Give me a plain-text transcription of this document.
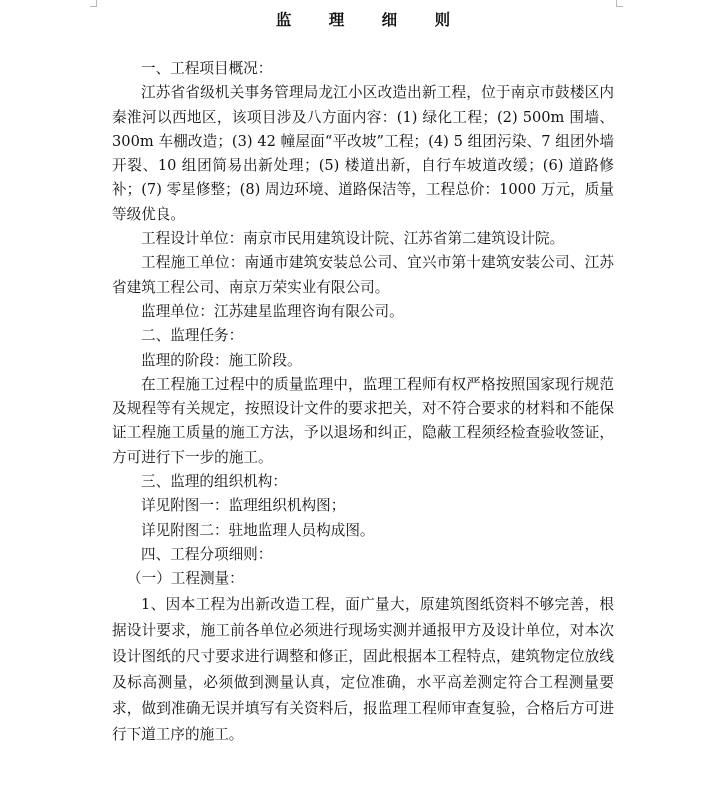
监 理 细 则

一、工程项目概况：

江苏省省级机关事务管理局龙江小区改造出新工程，位于南京市鼓楼区内秦淮河以西地区，该项目涉及八方面内容：(1) 绿化工程；(2) 500m 围墙、300m 车棚改造；(3) 42 幢屋面“平改坡”工程；(4) 5 组团污染、7 组团外墙开裂、10 组团简易出新处理；(5) 楼道出新，自行车坡道改缓；(6) 道路修补；(7) 零星修整；(8) 周边环境、道路保洁等，工程总价：1000 万元，质量等级优良。

工程设计单位：南京市民用建筑设计院、江苏省第二建筑设计院。

工程施工单位：南通市建筑安装总公司、宜兴市第十建筑安装公司、江苏省建筑工程公司、南京万荣实业有限公司。

监理单位：江苏建星监理咨询有限公司。

二、监理任务：

监理的阶段：施工阶段。

在工程施工过程中的质量监理中，监理工程师有权严格按照国家现行规范及规程等有关规定，按照设计文件的要求把关，对不符合要求的材料和不能保证工程施工质量的施工方法，予以退场和纠正，隐蔽工程须经检查验收签证，方可进行下一步的施工。

三、监理的组织机构：

详见附图一：监理组织机构图；

详见附图二：驻地监理人员构成图。

四、工程分项细则：

（一）工程测量：

1、因本工程为出新改造工程，面广量大，原建筑图纸资料不够完善，根据设计要求，施工前各单位必须进行现场实测并通报甲方及设计单位，对本次设计图纸的尺寸要求进行调整和修正，固此根据本工程特点，建筑物定位放线及标高测量，必须做到测量认真，定位准确，水平高差测定符合工程测量要求，做到准确无误并填写有关资料后，报监理工程师审查复验，合格后方可进行下道工序的施工。
